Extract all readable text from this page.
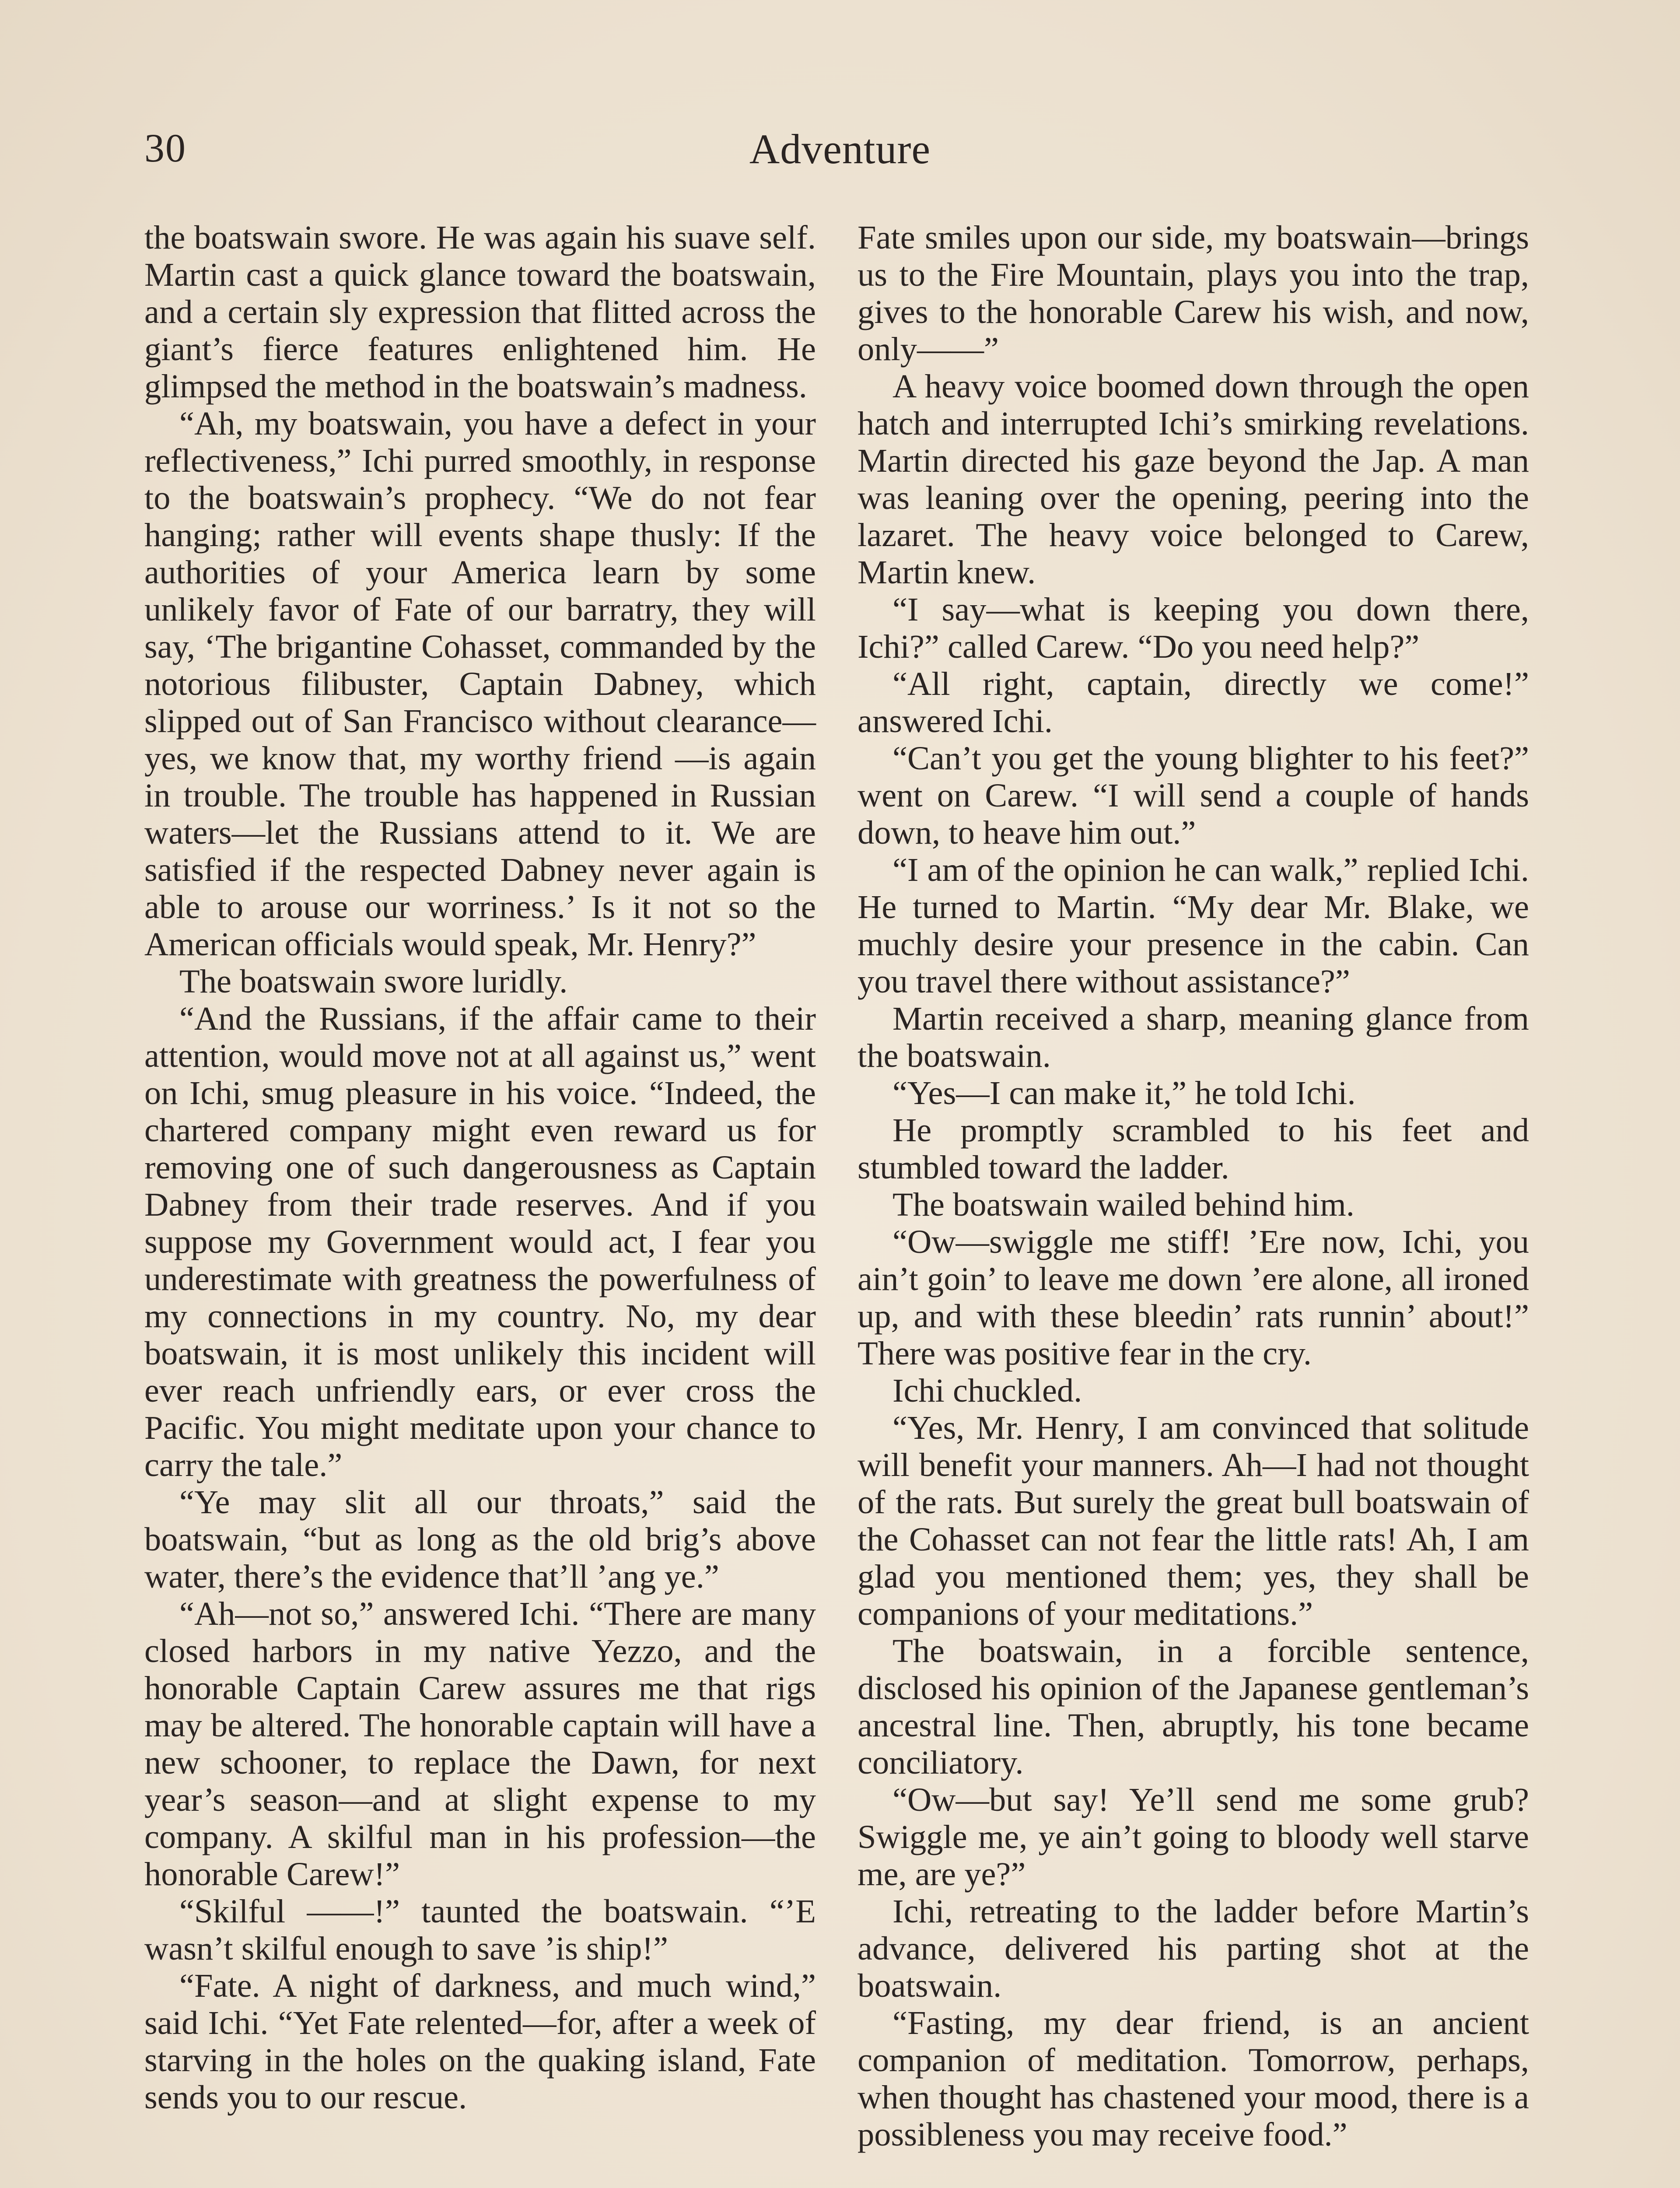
30	Adventure

the boatswain swore. He was again his suave self. Martin cast a quick glance toward the boatswain, and a certain sly expression that flitted across the giant’s fierce features enlightened him. He glimpsed the method in the boatswain’s madness.

“Ah, my boatswain, you have a defect in your reflectiveness,” Ichi purred smoothly, in response to the boatswain’s prophecy. “We do not fear hanging; rather will events shape thusly: If the authorities of your America learn by some unlikely favor of Fate of our barratry, they will say, ‘The brigantine Cohasset, commanded by the notorious filibuster, Captain Dabney, which slipped out of San Francisco without clearance—yes, we know that, my worthy friend —is again in trouble. The trouble has happened in Russian waters—let the Russians attend to it. We are satisfied if the respected Dabney never again is able to arouse our worriness.’ Is it not so the American officials would speak, Mr. Henry?”

The boatswain swore luridly.

“And the Russians, if the affair came to their attention, would move not at all against us,” went on Ichi, smug pleasure in his voice. “Indeed, the chartered company might even reward us for removing one of such dangerousness as Captain Dabney from their trade reserves. And if you suppose my Government would act, I fear you underestimate with greatness the powerfulness of my connections in my country. No, my dear boatswain, it is most unlikely this incident will ever reach unfriendly ears, or ever cross the Pacific. You might meditate upon your chance to carry the tale.”

“Ye may slit all our throats,” said the boatswain, “but as long as the old brig’s above water, there’s the evidence that’ll ’ang ye.”

“Ah—not so,” answered Ichi. “There are many closed harbors in my native Yezzo, and the honorable Captain Carew assures me that rigs may be altered. The honorable captain will have a new schooner, to replace the Dawn, for next year’s season—and at slight expense to my company. A skilful man in his profession—the honorable Carew!”

“Skilful ——!” taunted the boatswain. “’E wasn’t skilful enough to save ’is ship!”

“Fate. A night of darkness, and much wind,” said Ichi. “Yet Fate relented—for, after a week of starving in the holes on the quaking island, Fate sends you to our rescue.

Fate smiles upon our side, my boatswain—brings us to the Fire Mountain, plays you into the trap, gives to the honorable Carew his wish, and now, only——”

A heavy voice boomed down through the open hatch and interrupted Ichi’s smirking revelations. Martin directed his gaze beyond the Jap. A man was leaning over the opening, peering into the lazaret. The heavy voice belonged to Carew, Martin knew.

“I say—what is keeping you down there, Ichi?” called Carew. “Do you need help?”

“All right, captain, directly we come!” answered Ichi.

“Can’t you get the young blighter to his feet?” went on Carew. “I will send a couple of hands down, to heave him out.”

“I am of the opinion he can walk,” replied Ichi. He turned to Martin. “My dear Mr. Blake, we muchly desire your presence in the cabin. Can you travel there without assistance?”

Martin received a sharp, meaning glance from the boatswain.

“Yes—I can make it,” he told Ichi.

He promptly scrambled to his feet and stumbled toward the ladder.

The boatswain wailed behind him.

“Ow—swiggle me stiff! ’Ere now, Ichi, you ain’t goin’ to leave me down ’ere alone, all ironed up, and with these bleedin’ rats runnin’ about!” There was positive fear in the cry.

Ichi chuckled.

“Yes, Mr. Henry, I am convinced that solitude will benefit your manners. Ah—I had not thought of the rats. But surely the great bull boatswain of the Cohasset can not fear the little rats! Ah, I am glad you mentioned them; yes, they shall be companions of your meditations.”

The boatswain, in a forcible sentence, disclosed his opinion of the Japanese gentleman’s ancestral line. Then, abruptly, his tone became conciliatory.

“Ow—but say! Ye’ll send me some grub? Swiggle me, ye ain’t going to bloody well starve me, are ye?”

Ichi, retreating to the ladder before Martin’s advance, delivered his parting shot at the boatswain.

“Fasting, my dear friend, is an ancient companion of meditation. Tomorrow, perhaps, when thought has chastened your mood, there is a possibleness you may receive food.”
